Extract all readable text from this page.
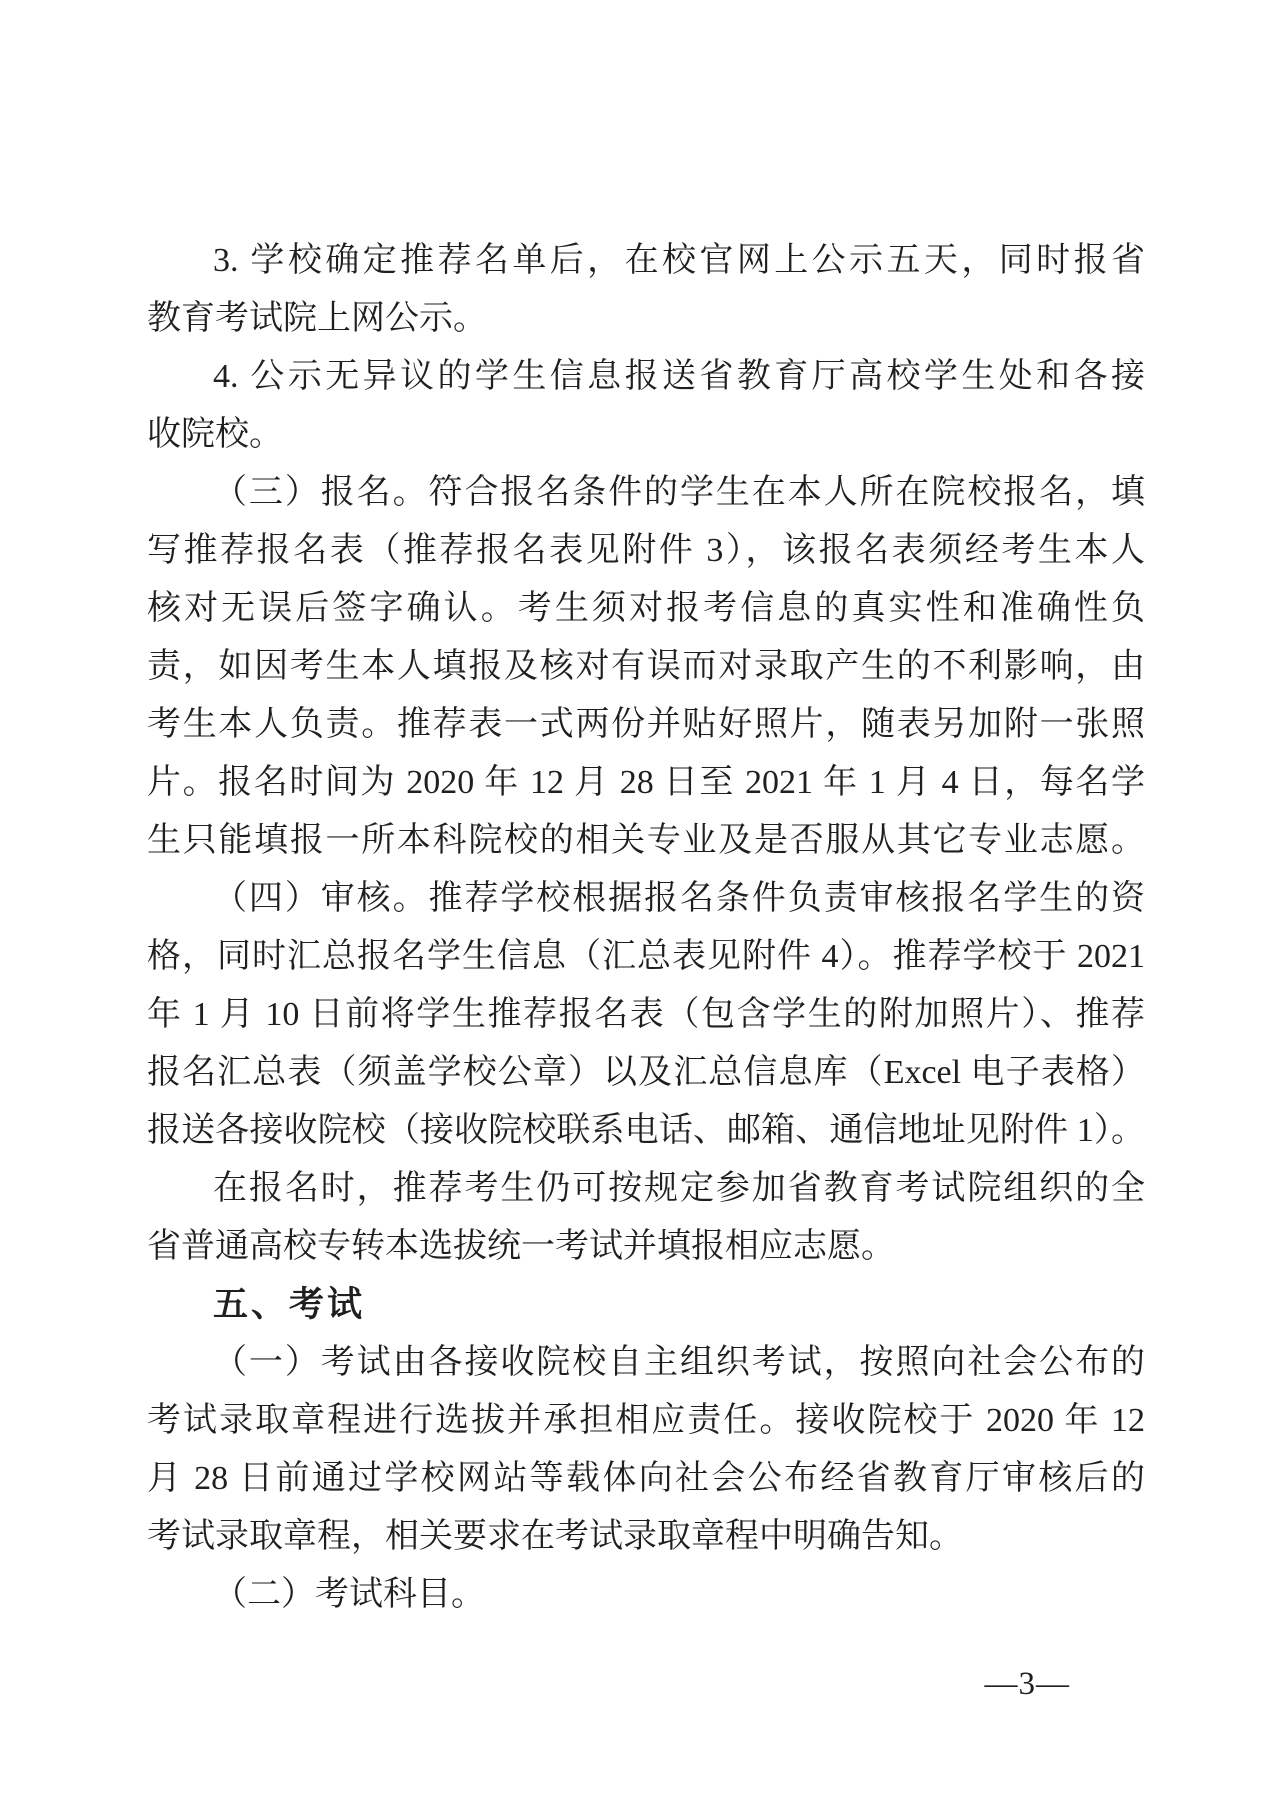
3. 学校确定推荐名单后，在校官网上公示五天，同时报省
教育考试院上网公示。
4. 公示无异议的学生信息报送省教育厅高校学生处和各接
收院校。
（三）报名。符合报名条件的学生在本人所在院校报名，填
写推荐报名表（推荐报名表见附件 3），该报名表须经考生本人
核对无误后签字确认。考生须对报考信息的真实性和准确性负
责，如因考生本人填报及核对有误而对录取产生的不利影响，由
考生本人负责。推荐表一式两份并贴好照片，随表另加附一张照
片。报名时间为 2020 年 12 月 28 日至 2021 年 1 月 4 日，每名学
生只能填报一所本科院校的相关专业及是否服从其它专业志愿。
（四）审核。推荐学校根据报名条件负责审核报名学生的资
格，同时汇总报名学生信息（汇总表见附件 4）。推荐学校于 2021
年 1 月 10 日前将学生推荐报名表（包含学生的附加照片）、推荐
报名汇总表（须盖学校公章）以及汇总信息库（Excel 电子表格）
报送各接收院校（接收院校联系电话、邮箱、通信地址见附件 1）。
在报名时，推荐考生仍可按规定参加省教育考试院组织的全
省普通高校专转本选拔统一考试并填报相应志愿。
五、考试
（一）考试由各接收院校自主组织考试，按照向社会公布的
考试录取章程进行选拔并承担相应责任。接收院校于 2020 年 12
月 28 日前通过学校网站等载体向社会公布经省教育厅审核后的
考试录取章程，相关要求在考试录取章程中明确告知。
（二）考试科目。
—3—
